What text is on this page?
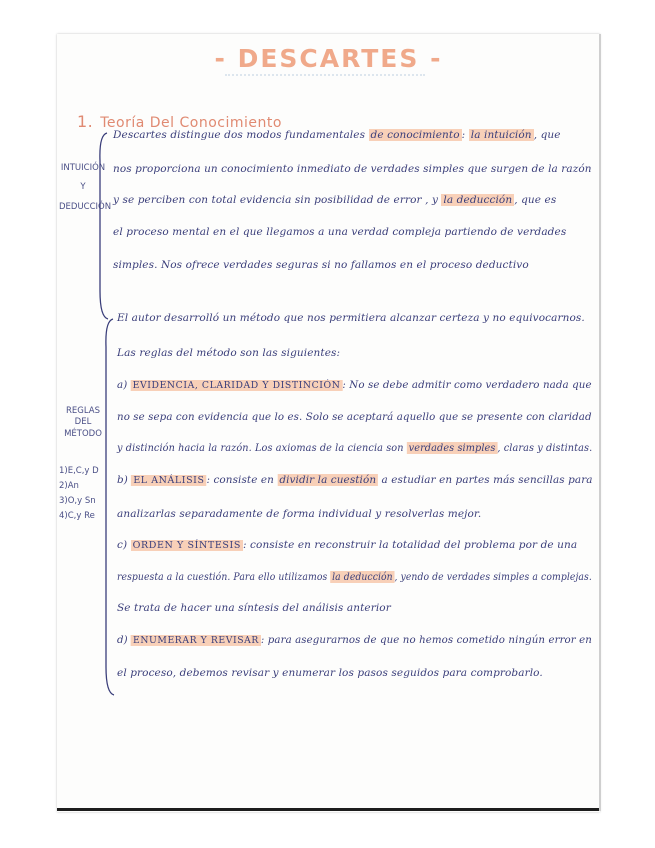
- DESCARTES -
1. Teoría Del Conocimiento
INTUICIÓN
Y
DEDUCCIÓN
Descartes distingue dos modos fundamentales de conocimiento : la intuición , que
nos proporciona un conocimiento inmediato de verdades simples que surgen de la razón
y se perciben con total evidencia sin posibilidad de error , y la deducción , que es
el proceso mental en el que llegamos a una verdad compleja partiendo de verdades
simples. Nos ofrece verdades seguras si no fallamos en el proceso deductivo
REGLAS
DEL
MÉTODO
1)E,C,y D
2)An
3)O,y Sn
4)C,y Re
El autor desarrolló un método que nos permitiera alcanzar certeza y no equivocarnos.
Las reglas del método son las siguientes:
a) EVIDENCIA, CLARIDAD Y DISTINCIÓN : No se debe admitir como verdadero nada que
no se sepa con evidencia que lo es. Solo se aceptará aquello que se presente con claridad
y distinción hacia la razón. Los axiomas de la ciencia son verdades simples , claras y distintas.
b) EL ANÁLISIS : consiste en dividir la cuestión a estudiar en partes más sencillas para
analizarlas separadamente de forma individual y resolverlas mejor.
c) ORDEN Y SÍNTESIS : consiste en reconstruir la totalidad del problema por de una
respuesta a la cuestión. Para ello utilizamos la deducción , yendo de verdades simples a complejas.
Se trata de hacer una síntesis del análisis anterior
d) ENUMERAR Y REVISAR : para asegurarnos de que no hemos cometido ningún error en
el proceso, debemos revisar y enumerar los pasos seguidos para comprobarlo.
